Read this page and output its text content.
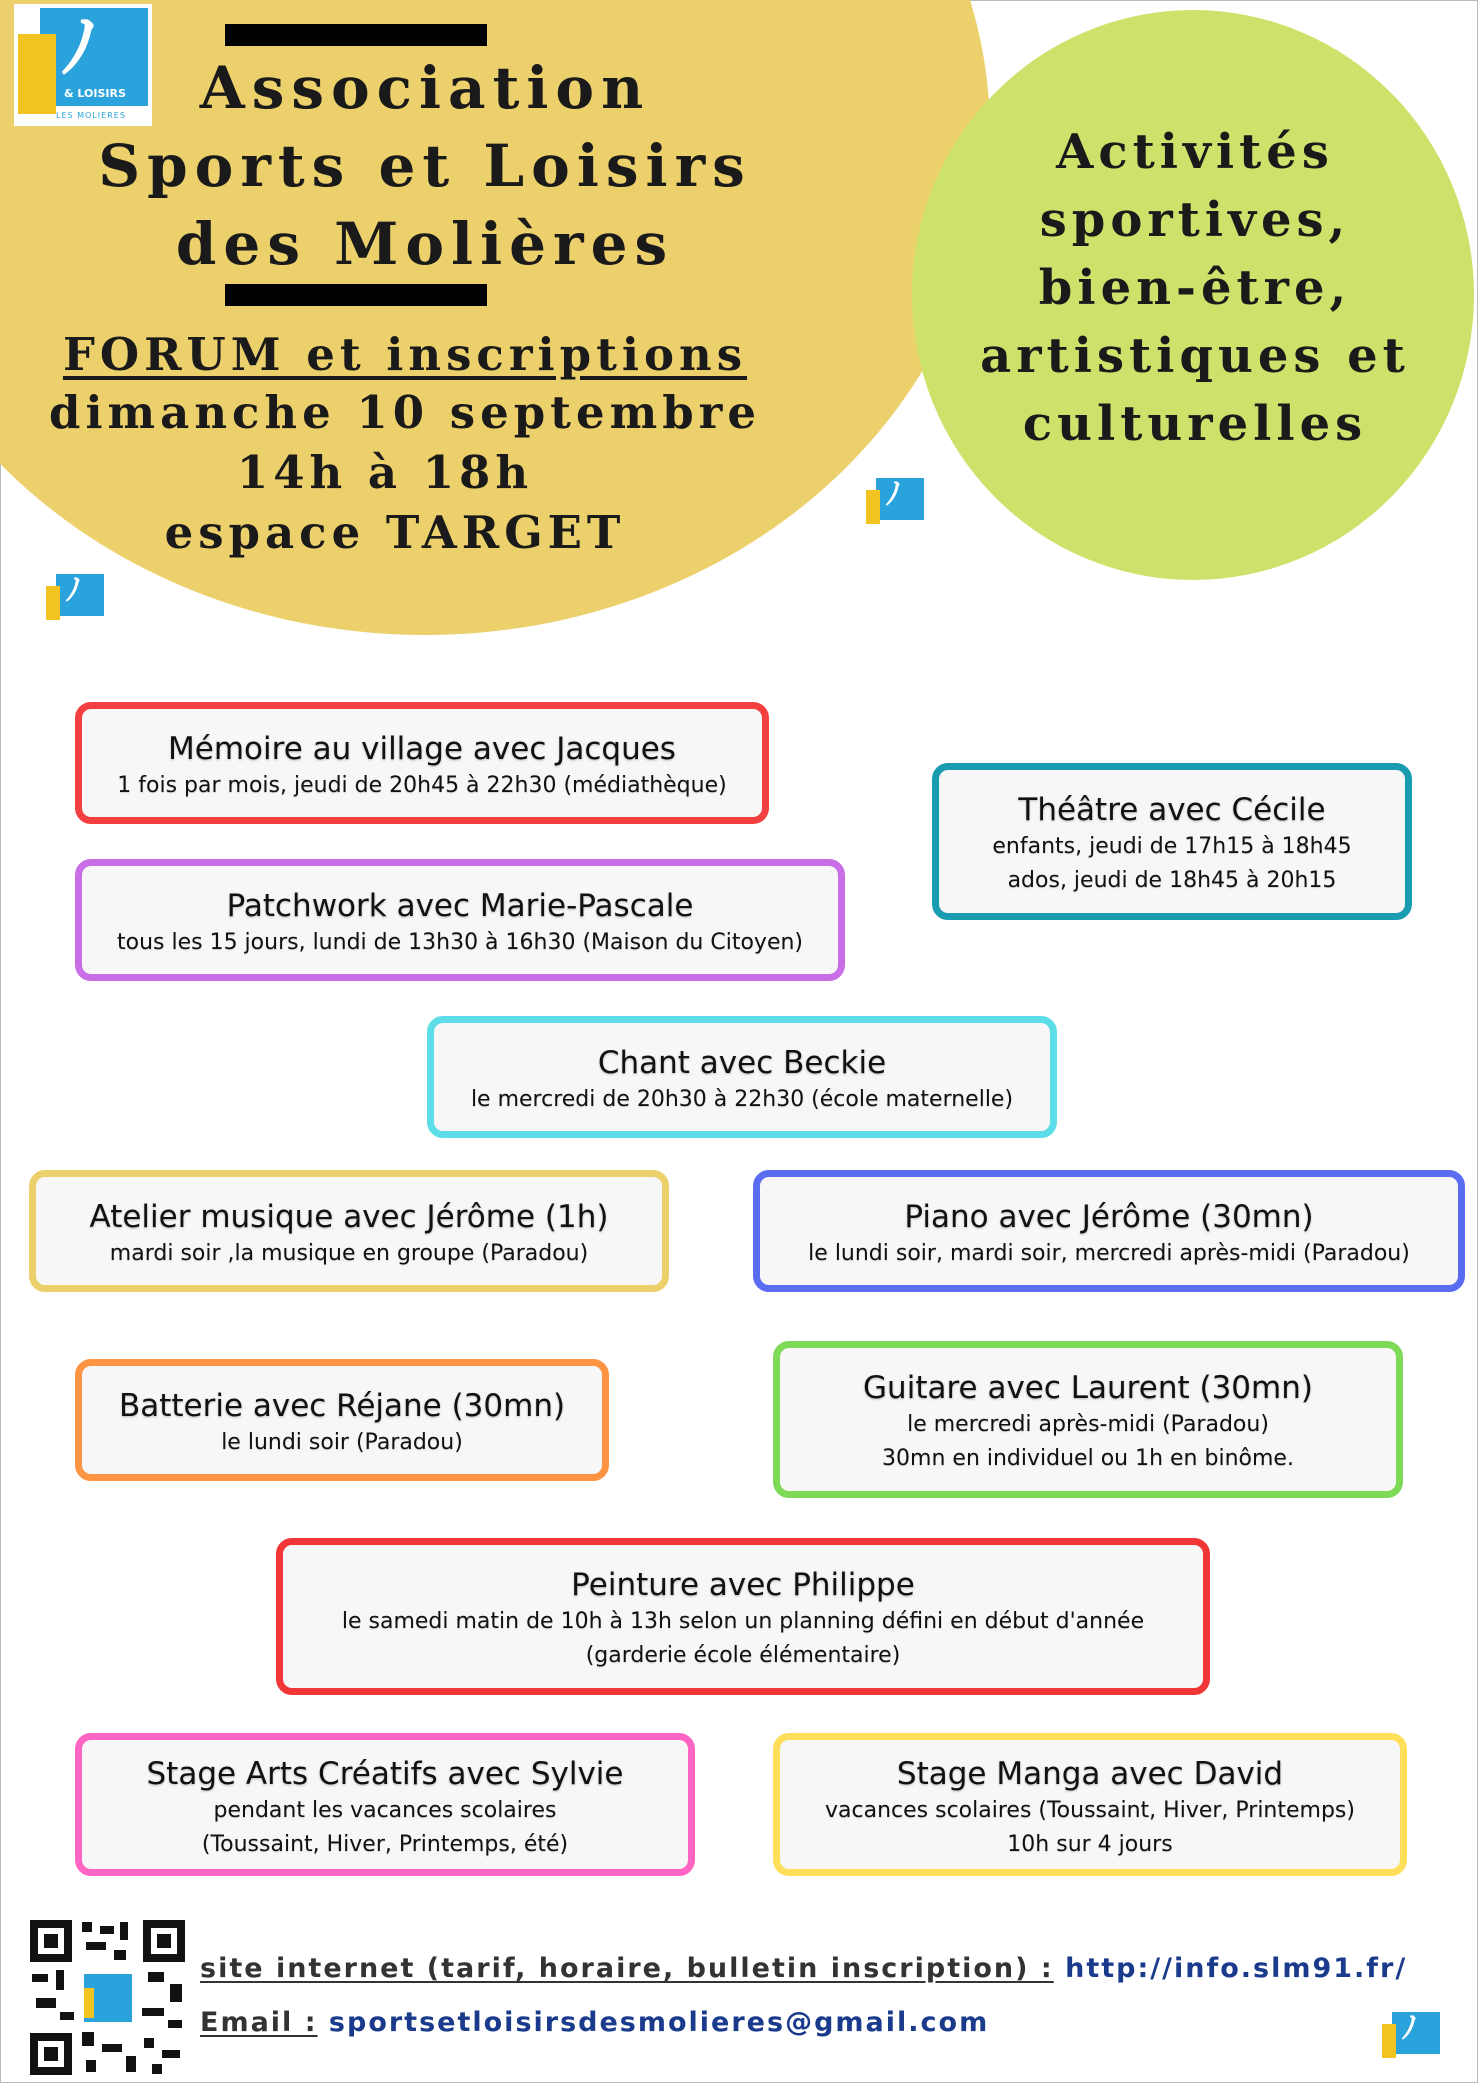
ﾉ
& LOISIRS
LES MOLIERES
ﾉ
ﾉ
ﾉ
Association
Sports et Loisirs
des Molières
FORUM et inscriptions
dimanche 10 septembre
14h à 18h
espace TARGET
Activités
sportives,
bien-être,
artistiques et
culturelles
Mémoire au village avec Jacques
1 fois par mois, jeudi de 20h45 à 22h30 (médiathèque)
Théâtre avec Cécile
enfants, jeudi de 17h15 à 18h45
ados, jeudi de 18h45 à 20h15
Patchwork avec Marie-Pascale
tous les 15 jours, lundi de 13h30 à 16h30 (Maison du Citoyen)
Chant avec Beckie
le mercredi de 20h30 à 22h30 (école maternelle)
Atelier musique avec Jérôme (1h)
mardi soir ,la musique en groupe (Paradou)
Piano avec Jérôme (30mn)
le lundi soir, mardi soir, mercredi après-midi (Paradou)
Batterie avec Réjane (30mn)
le lundi soir (Paradou)
Guitare avec Laurent (30mn)
le mercredi après-midi (Paradou)
30mn en individuel ou 1h en binôme.
Peinture avec Philippe
le samedi matin de 10h à 13h selon un planning défini en début d'année
(garderie école élémentaire)
Stage Arts Créatifs avec Sylvie
pendant les vacances scolaires
(Toussaint, Hiver, Printemps, été)
Stage Manga avec David
vacances scolaires (Toussaint, Hiver, Printemps)
10h sur 4 jours
site internet (tarif, horaire, bulletin inscription) : http://info.slm91.fr/
Email : sportsetloisirsdesmolieres@gmail.com
